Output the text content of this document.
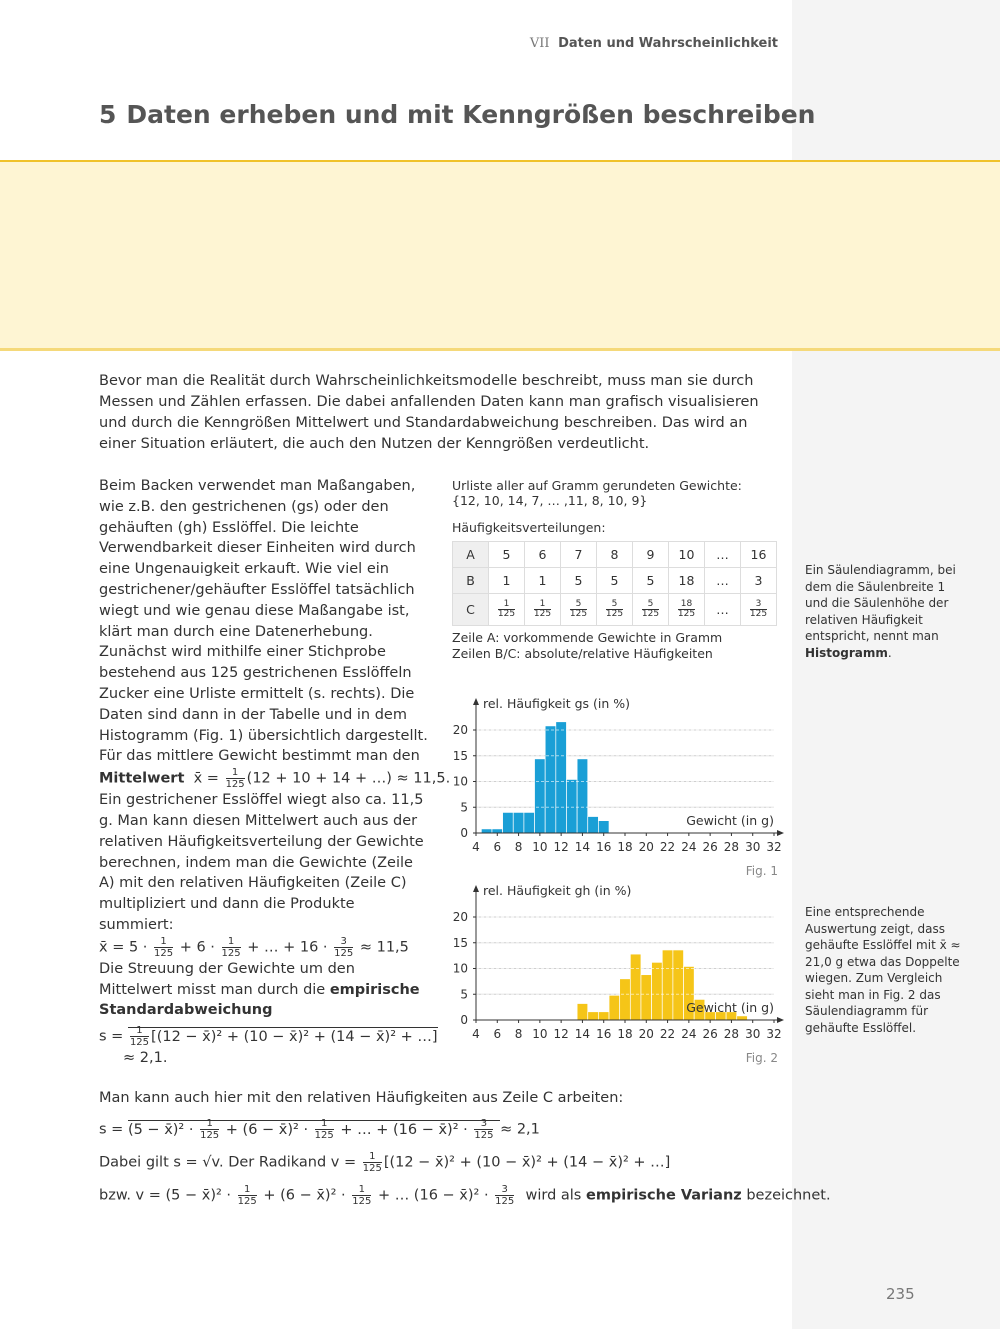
VII Daten und Wahrscheinlichkeit
5 Daten erheben und mit Kenngrößen beschreiben
Bevor man die Realität durch Wahrscheinlichkeitsmodelle beschreibt, muss man sie durch Messen und Zählen erfassen. Die dabei anfallenden Daten kann man grafisch visualisieren und durch die Kenngrößen Mittelwert und Standardabweichung beschreiben. Das wird an einer Situation erläutert, die auch den Nutzen der Kenngrößen verdeutlicht.

Beim Backen verwendet man Maßangaben, wie z.B. den gestrichenen (gs) oder den gehäuften (gh) Esslöffel. Die leichte Verwendbarkeit dieser Einheiten wird durch eine Ungenauigkeit erkauft. Wie viel ein gestrichener/gehäufter Esslöffel tatsächlich wiegt und wie genau diese Maßangabe ist, klärt man durch eine Datenerhebung.

Zunächst wird mithilfe einer Stichprobe bestehend aus 125 gestrichenen Esslöffeln Zucker eine Urliste ermittelt (s. rechts). Die Daten sind dann in der Tabelle und in dem Histogramm (Fig. 1) übersichtlich dargestellt. Für das mittlere Gewicht bestimmt man den

Mittelwert x̄ = $\frac{1}{125} (12 + 10 + 14$ + …) ≈ 11,5.

Ein gestrichener Esslöffel wiegt also ca. 11,5 g. Man kann diesen Mittelwert auch aus der relativen Häufigkeitsverteilung der Gewichte berechnen, indem man die Gewichte (Zeile A) mit den relativen Häufigkeiten (Zeile C) multipliziert und dann die Produkte summiert:

x̄ = $5 \cdot \frac{1}{125} + 6 \cdot \frac{1}{125}$ + … + $16 \cdot \frac{3}{125} \approx 11,5$

Die Streuung der Gewichte um den Mittelwert misst man durch die empirische Standardabweichung

$s = \frac{1}{125} [(12$ − x̄)² + (10 − x̄)² + (14 − x̄)² + …]

≈ 2,1.

Urliste aller auf Gramm gerundeten Gewichte:
{12, 10, 14, 7, … ,11, 8, 10, 9}
Häufigkeitsverteilungen:
A	5	6	7	8	9	10	…	16
B	1	1	5	5	5	18	…	3
C	$\frac{1}{125}$	$\frac{1}{125}$	$\frac{5}{125}$	$\frac{5}{125}$	$\frac{5}{125}$	$\frac{18}{125}$	…	$\frac{3}{125}$
Zeile A: vorkommende Gewichte in Gramm
Zeilen B/C: absolute/relative Häufigkeiten
0
5
10
15
20
4 6 8 10 12 14 16 18 20 22 24 26 28 30 32
rel. Häufigkeit gs (in %)
Gewicht (in g)
Fig. 1
0
5
10
15
20
4 6 8 10 12 14 16 18 20 22 24 26 28 30 32
rel. Häufigkeit gh (in %)
Gewicht (in g)
Fig. 2
Ein Säulendiagramm, bei dem die Säulenbreite 1 und die Säulenhöhe der relativen Häufigkeit entspricht, nennt man Histogramm.
Eine entsprechende Auswertung zeigt, dass gehäufte Esslöffel mit x̄ ≈ 21,0 g etwa das Doppelte wiegen. Zum Vergleich sieht man in Fig. 2 das Säulendiagramm für gehäufte Esslöffel.

Man kann auch hier mit den relativen Häufigkeiten aus Zeile C arbeiten:

s = (5 − x̄)² · $\frac{1}{125} + (6$ − x̄)² · $\frac{1}{125}$ + … + (16 − x̄)² · $\frac{3}{125} \approx 2,1$

Dabei gilt s = √v. Der Radikand $v = \frac{1}{125} [(12$ − x̄)² + (10 − x̄)² + (14 − x̄)² + …]

bzw. v = (5 − x̄)² · $\frac{1}{125} + (6$ − x̄)² · $\frac{1}{125}$ + … (16 − x̄)² · $\frac{3}{125}$ wird als empirische Varianz bezeichnet.

235
